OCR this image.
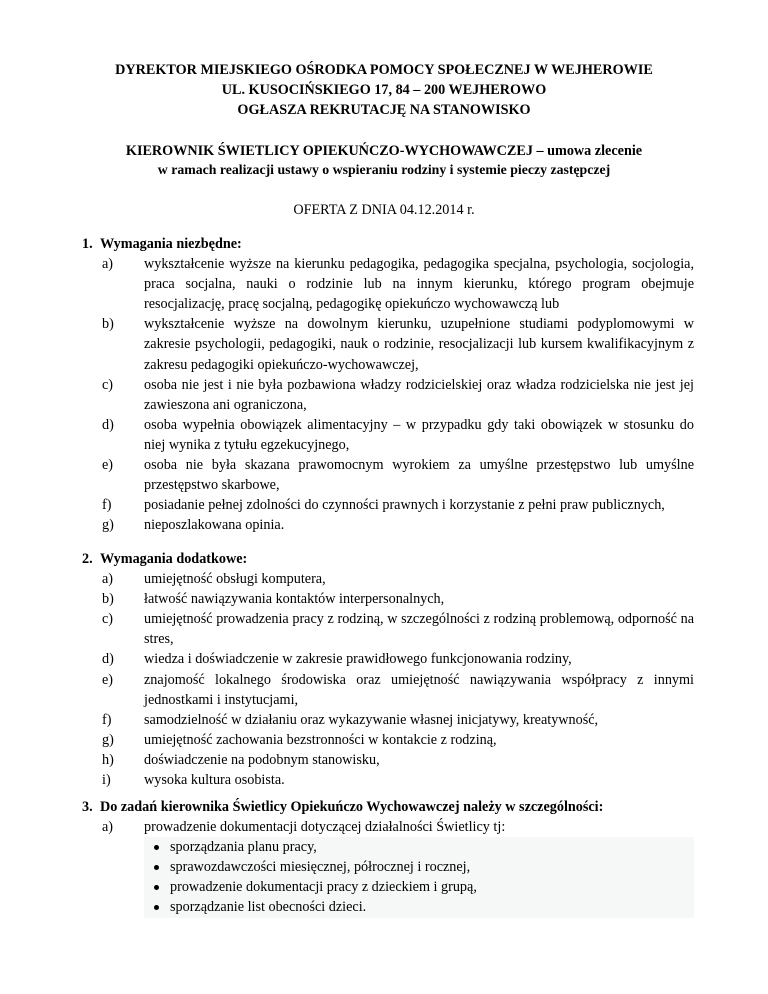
DYREKTOR MIEJSKIEGO OŚRODKA POMOCY SPOŁECZNEJ W WEJHEROWIE
UL. KUSOCIŃSKIEGO 17, 84 – 200 WEJHEROWO
OGŁASZA REKRUTACJĘ NA STANOWISKO
KIEROWNIK ŚWIETLICY OPIEKUŃCZO-WYCHOWAWCZEJ – umowa zlecenie
w ramach realizacji ustawy o wspieraniu rodziny i systemie pieczy zastępczej
OFERTA Z DNIA 04.12.2014 r.
1. Wymagania niezbędne:
a) wykształcenie wyższe na kierunku pedagogika, pedagogika specjalna, psychologia, socjologia, praca socjalna, nauki o rodzinie lub na innym kierunku, którego program obejmuje resocjalizację, pracę socjalną, pedagogikę opiekuńczo wychowawczą lub
b) wykształcenie wyższe na dowolnym kierunku, uzupełnione studiami podyplomowymi w zakresie psychologii, pedagogiki, nauk o rodzinie, resocjalizacji lub kursem kwalifikacyjnym z zakresu pedagogiki opiekuńczo-wychowawczej,
c) osoba nie jest i nie była pozbawiona władzy rodzicielskiej oraz władza rodzicielska nie jest jej zawieszona ani ograniczona,
d) osoba wypełnia obowiązek alimentacyjny – w przypadku gdy taki obowiązek w stosunku do niej wynika z tytułu egzekucyjnego,
e) osoba nie była skazana prawomocnym wyrokiem za umyślne przestępstwo lub umyślne przestępstwo skarbowe,
f) posiadanie pełnej zdolności do czynności prawnych i korzystanie z pełni praw publicznych,
g) nieposzlakowana opinia.
2. Wymagania dodatkowe:
a) umiejętność obsługi komputera,
b) łatwość nawiązywania kontaktów interpersonalnych,
c) umiejętność prowadzenia pracy z rodziną, w szczególności z rodziną problemową, odporność na stres,
d) wiedza i doświadczenie w zakresie prawidłowego funkcjonowania rodziny,
e) znajomość lokalnego środowiska oraz umiejętność nawiązywania współpracy z innymi jednostkami i instytucjami,
f) samodzielność w działaniu oraz wykazywanie własnej inicjatywy, kreatywność,
g) umiejętność zachowania bezstronności w kontakcie z rodziną,
h) doświadczenie na podobnym stanowisku,
i) wysoka kultura osobista.
3. Do zadań kierownika Świetlicy Opiekuńczo Wychowawczej należy w szczególności:
a) prowadzenie dokumentacji dotyczącej działalności Świetlicy tj:
sporządzania planu pracy,
sprawozdawczości miesięcznej, półrocznej i rocznej,
prowadzenie dokumentacji pracy z dzieckiem i grupą,
sporządzanie list obecności dzieci.
